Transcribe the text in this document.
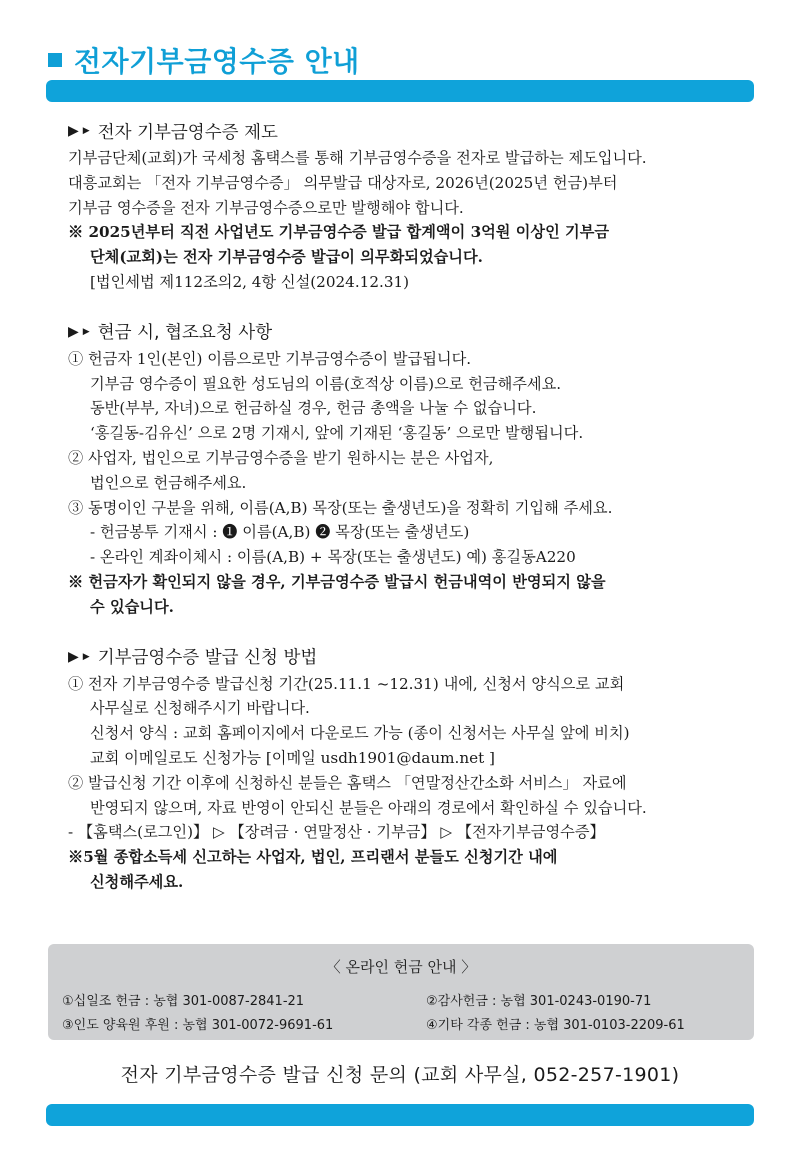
전자기부금영수증 안내
▶ ▶ 전자 기부금영수증 제도
기부금단체(교회)가 국세청 홈택스를 통해 기부금영수증을 전자로 발급하는 제도입니다.
대흥교회는 「전자 기부금영수증」 의무발급 대상자로, 2026년(2025년 헌금)부터
기부금 영수증을 전자 기부금영수증으로만 발행해야 합니다.
※ 2025년부터 직전 사업년도 기부금영수증 발급 합계액이 3억원 이상인 기부금
단체(교회)는 전자 기부금영수증 발급이 의무화되었습니다.
[법인세법 제112조의2, 4항 신설(2024.12.31)
▶ ▶ 현금 시, 협조요청 사항
① 헌금자 1인(본인) 이름으로만 기부금영수증이 발급됩니다.
기부금 영수증이 필요한 성도님의 이름(호적상 이름)으로 헌금해주세요.
동반(부부, 자녀)으로 헌금하실 경우, 헌금 총액을 나눌 수 없습니다.
‘홍길동-김유신’ 으로 2명 기재시, 앞에 기재된 ‘홍길동’ 으로만 발행됩니다.
② 사업자, 법인으로 기부금영수증을 받기 원하시는 분은 사업자,
법인으로 헌금해주세요.
③ 동명이인 구분을 위해, 이름(A,B) 목장(또는 출생년도)을 정확히 기입해 주세요.
- 헌금봉투 기재시 : ❶ 이름(A,B) ❷ 목장(또는 출생년도)
- 온라인 계좌이체시 : 이름(A,B) + 목장(또는 출생년도) 예) 홍길동A220
※ 헌금자가 확인되지 않을 경우, 기부금영수증 발급시 헌금내역이 반영되지 않을
수 있습니다.
▶ ▶ 기부금영수증 발급 신청 방법
① 전자 기부금영수증 발급신청 기간(25.11.1 ~12.31) 내에, 신청서 양식으로 교회
사무실로 신청해주시기 바랍니다.
신청서 양식 : 교회 홈페이지에서 다운로드 가능 (종이 신청서는 사무실 앞에 비치)
교회 이메일로도 신청가능 [이메일 usdh1901@daum.net ]
② 발급신청 기간 이후에 신청하신 분들은 홈택스 「연말정산간소화 서비스」 자료에
반영되지 않으며, 자료 반영이 안되신 분들은 아래의 경로에서 확인하실 수 있습니다.
- 【홈택스(로그인)】 ▷ 【장려금 · 연말정산 · 기부금】 ▷ 【전자기부금영수증】
※5월 종합소득세 신고하는 사업자, 법인, 프리랜서 분들도 신청기간 내에
신청해주세요.
〈 온라인 헌금 안내 〉
①십일조 헌금 : 농협 301-0087-2841-21	②감사헌금 : 농협 301-0243-0190-71
③인도 양육원 후원 : 농협 301-0072-9691-61	④기타 각종 헌금 : 농협 301-0103-2209-61
전자 기부금영수증 발급 신청 문의 (교회 사무실, 052-257-1901)
